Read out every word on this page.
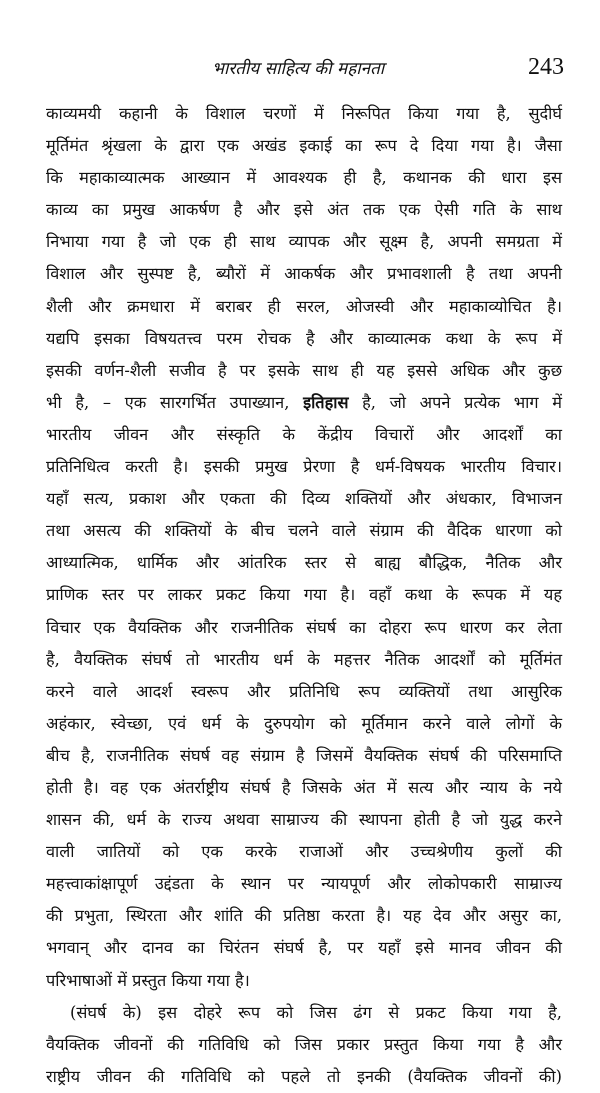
भारतीय साहित्य की महानता	243
काव्यमयी कहानी के विशाल चरणों में निरूपित किया गया है, सुदीर्घ
मूर्तिमंत श्रृंखला के द्वारा एक अखंड इकाई का रूप दे दिया गया है। जैसा
कि महाकाव्यात्मक आख्यान में आवश्यक ही है, कथानक की धारा इस
काव्य का प्रमुख आकर्षण है और इसे अंत तक एक ऐसी गति के साथ
निभाया गया है जो एक ही साथ व्यापक और सूक्ष्म है, अपनी समग्रता में
विशाल और सुस्पष्ट है, ब्यौरों में आकर्षक और प्रभावशाली है तथा अपनी
शैली और क्रमधारा में बराबर ही सरल, ओजस्वी और महाकाव्योचित है।
यद्यपि इसका विषयतत्त्व परम रोचक है और काव्यात्मक कथा के रूप में
इसकी वर्णन-शैली सजीव है पर इसके साथ ही यह इससे अधिक और कुछ
भी है, – एक सारगर्भित उपाख्यान, इतिहास है, जो अपने प्रत्येक भाग में
भारतीय जीवन और संस्कृति के केंद्रीय विचारों और आदर्शों का
प्रतिनिधित्व करती है। इसकी प्रमुख प्रेरणा है धर्म-विषयक भारतीय विचार।
यहाँ सत्य, प्रकाश और एकता की दिव्य शक्तियों और अंधकार, विभाजन
तथा असत्य की शक्तियों के बीच चलने वाले संग्राम की वैदिक धारणा को
आध्यात्मिक, धार्मिक और आंतरिक स्तर से बाह्य बौद्धिक, नैतिक और
प्राणिक स्तर पर लाकर प्रकट किया गया है। वहाँ कथा के रूपक में यह
विचार एक वैयक्तिक और राजनीतिक संघर्ष का दोहरा रूप धारण कर लेता
है, वैयक्तिक संघर्ष तो भारतीय धर्म के महत्तर नैतिक आदर्शों को मूर्तिमंत
करने वाले आदर्श स्वरूप और प्रतिनिधि रूप व्यक्तियों तथा आसुरिक
अहंकार, स्वेच्छा, एवं धर्म के दुरुपयोग को मूर्तिमान करने वाले लोगों के
बीच है, राजनीतिक संघर्ष वह संग्राम है जिसमें वैयक्तिक संघर्ष की परिसमाप्ति
होती है। वह एक अंतर्राष्ट्रीय संघर्ष है जिसके अंत में सत्य और न्याय के नये
शासन की, धर्म के राज्य अथवा साम्राज्य की स्थापना होती है जो युद्ध करने
वाली जातियों को एक करके राजाओं और उच्चश्रेणीय कुलों की
महत्त्वाकांक्षापूर्ण उद्दंडता के स्थान पर न्यायपूर्ण और लोकोपकारी साम्राज्य
की प्रभुता, स्थिरता और शांति की प्रतिष्ठा करता है। यह देव और असुर का,
भगवान् और दानव का चिरंतन संघर्ष है, पर यहाँ इसे मानव जीवन की
परिभाषाओं में प्रस्तुत किया गया है।
(संघर्ष के) इस दोहरे रूप को जिस ढंग से प्रकट किया गया है,
वैयक्तिक जीवनों की गतिविधि को जिस प्रकार प्रस्तुत किया गया है और
राष्ट्रीय जीवन की गतिविधि को पहले तो इनकी (वैयक्तिक जीवनों की)
